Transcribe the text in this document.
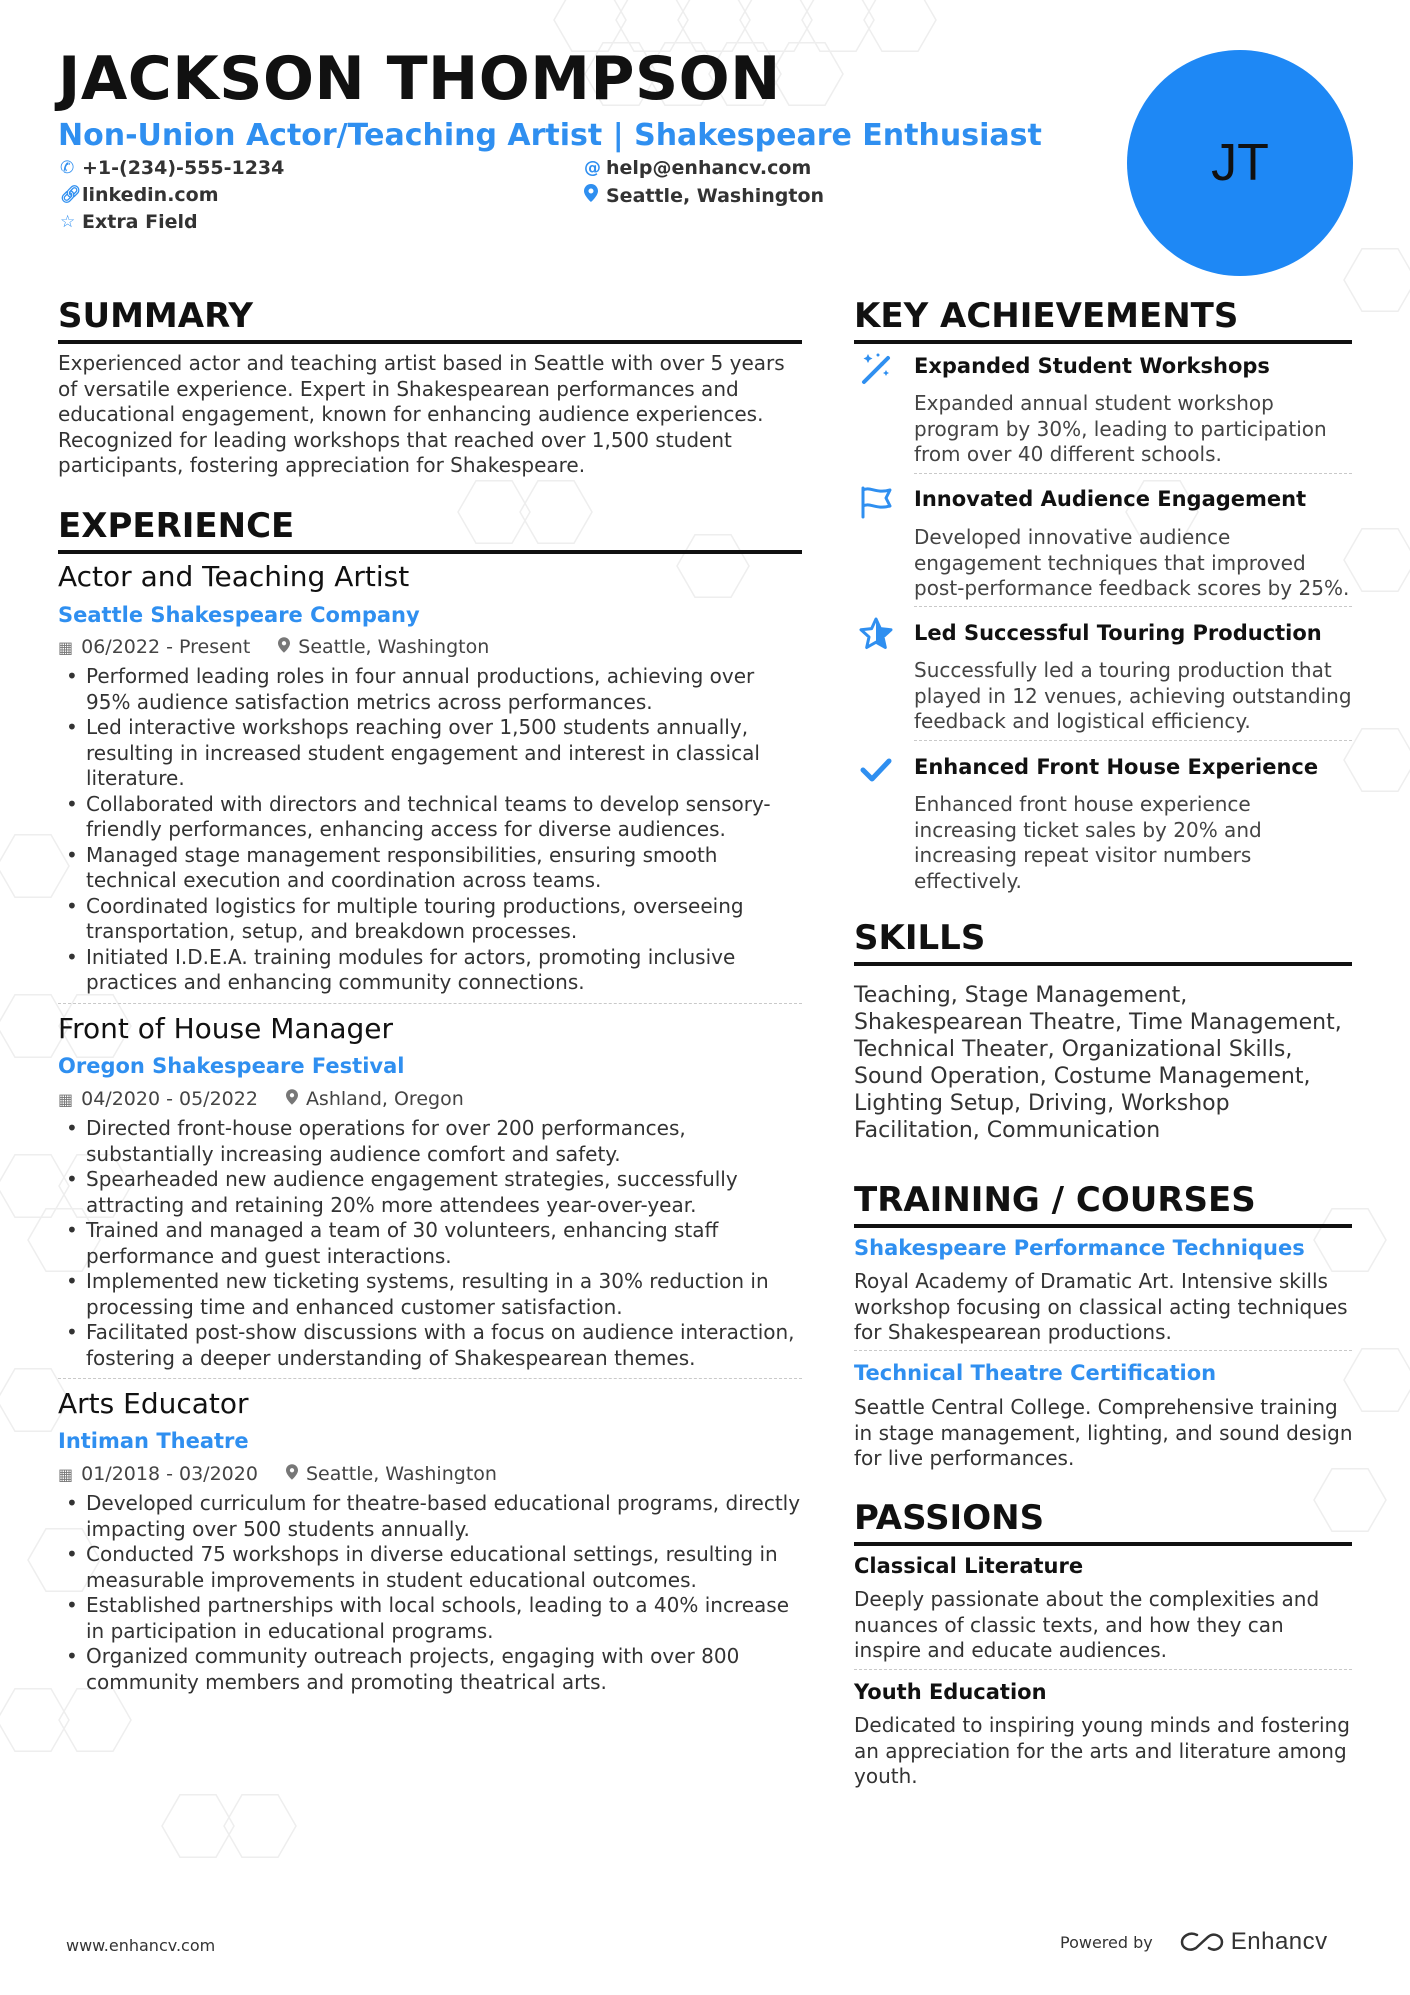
JACKSON THOMPSON
Non-Union Actor/Teaching Artist | Shakespeare Enthusiast
✆ +1-(234)-555-1234	@ help@enhancv.com
🔗︎ linkedin.com	Seattle, Washington
☆ Extra Field
JT
SUMMARY
Experienced actor and teaching artist based in Seattle with over 5 years of versatile experience. Expert in Shakespearean performances and educational engagement, known for enhancing audience experiences. Recognized for leading workshops that reached over 1,500 student participants, fostering appreciation for Shakespeare.
EXPERIENCE
Actor and Teaching Artist
Seattle Shakespeare Company
▦ 06/2022 - Present	Seattle, Washington
• Performed leading roles in four annual productions, achieving over 95% audience satisfaction metrics across performances.
• Led interactive workshops reaching over 1,500 students annually, resulting in increased student engagement and interest in classical literature.
• Collaborated with directors and technical teams to develop sensory-friendly performances, enhancing access for diverse audiences.
• Managed stage management responsibilities, ensuring smooth technical execution and coordination across teams.
• Coordinated logistics for multiple touring productions, overseeing transportation, setup, and breakdown processes.
• Initiated I.D.E.A. training modules for actors, promoting inclusive practices and enhancing community connections.
Front of House Manager
Oregon Shakespeare Festival
▦ 04/2020 - 05/2022	Ashland, Oregon
• Directed front-house operations for over 200 performances, substantially increasing audience comfort and safety.
• Spearheaded new audience engagement strategies, successfully attracting and retaining 20% more attendees year-over-year.
• Trained and managed a team of 30 volunteers, enhancing staff performance and guest interactions.
• Implemented new ticketing systems, resulting in a 30% reduction in processing time and enhanced customer satisfaction.
• Facilitated post-show discussions with a focus on audience interaction, fostering a deeper understanding of Shakespearean themes.
Arts Educator
Intiman Theatre
▦ 01/2018 - 03/2020	Seattle, Washington
• Developed curriculum for theatre-based educational programs, directly impacting over 500 students annually.
• Conducted 75 workshops in diverse educational settings, resulting in measurable improvements in student educational outcomes.
• Established partnerships with local schools, leading to a 40% increase in participation in educational programs.
• Organized community outreach projects, engaging with over 800 community members and promoting theatrical arts.
KEY ACHIEVEMENTS
Expanded Student Workshops
Expanded annual student workshop program by 30%, leading to participation from over 40 different schools.
Innovated Audience Engagement
Developed innovative audience engagement techniques that improved post-performance feedback scores by 25%.
Led Successful Touring Production
Successfully led a touring production that played in 12 venues, achieving outstanding feedback and logistical efficiency.
Enhanced Front House Experience
Enhanced front house experience increasing ticket sales by 20% and increasing repeat visitor numbers effectively.
SKILLS
Teaching, Stage Management, Shakespearean Theatre, Time Management, Technical Theater, Organizational Skills, Sound Operation, Costume Management, Lighting Setup, Driving, Workshop Facilitation, Communication
TRAINING / COURSES
Shakespeare Performance Techniques
Royal Academy of Dramatic Art. Intensive skills workshop focusing on classical acting techniques for Shakespearean productions.
Technical Theatre Certification
Seattle Central College. Comprehensive training in stage management, lighting, and sound design for live performances.
PASSIONS
Classical Literature
Deeply passionate about the complexities and nuances of classic texts, and how they can inspire and educate audiences.
Youth Education
Dedicated to inspiring young minds and fostering an appreciation for the arts and literature among youth.
www.enhancv.com	Powered by	Enhancv
